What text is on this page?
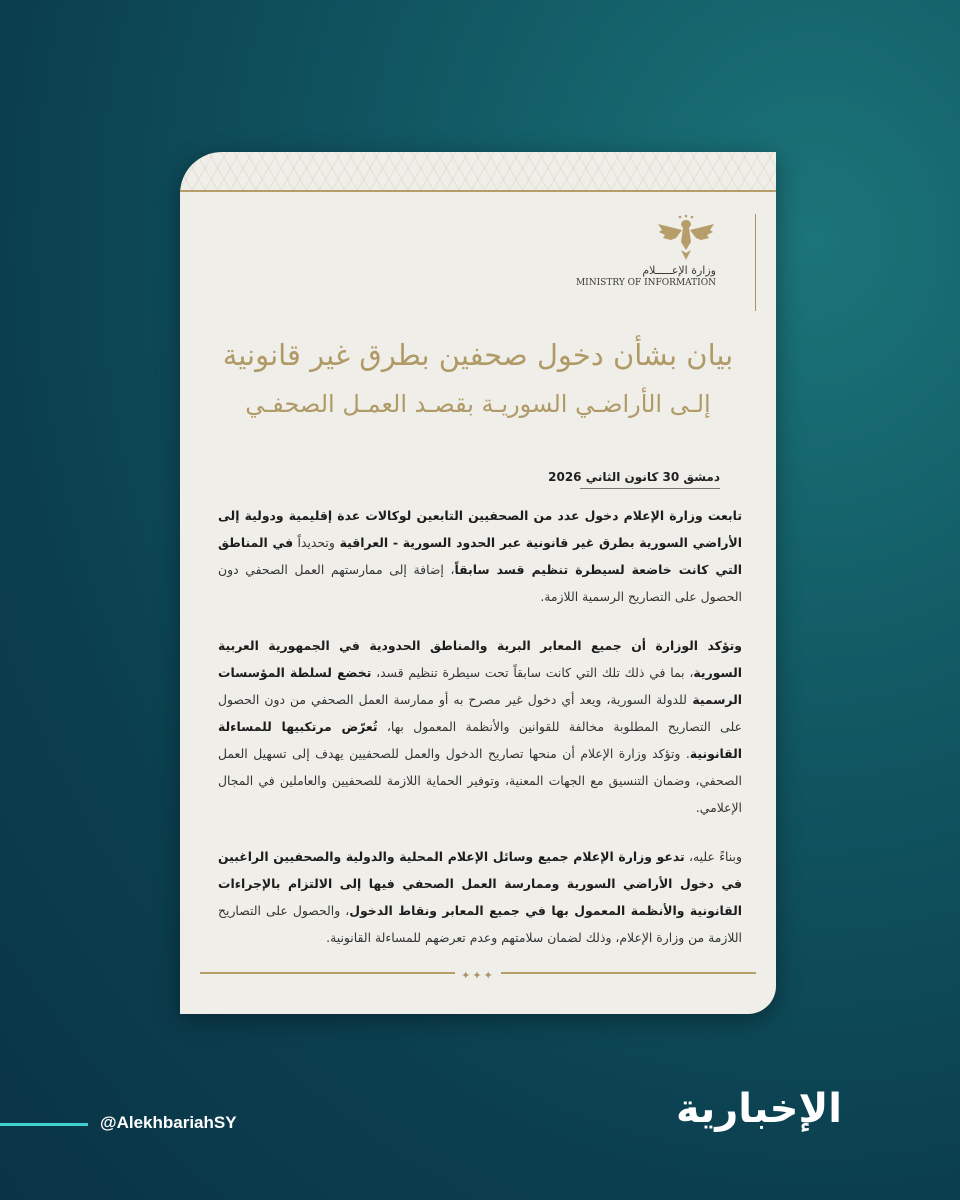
وزارة الإعـــــلام
MINISTRY OF INFORMATION
بيان بشأن دخول صحفين بطرق غير قانونية
إلـى الأراضـي السوريـة بقصـد العمـل الصحفـي
دمشق 30 كانون الثاني 2026

تابعت وزارة الإعلام دخول عدد من الصحفيين التابعين لوكالات عدة إقليمية ودولية إلى الأراضي السورية بطرق غير قانونية عبر الحدود السورية - العراقية وتحديداً في المناطق التي كانت خاضعة لسيطرة تنظيم قسد سابقاً، إضافة إلى ممارستهم العمل الصحفي دون الحصول على التصاريح الرسمية اللازمة.

وتؤكد الوزارة أن جميع المعابر البرية والمناطق الحدودية في الجمهورية العربية السورية، بما في ذلك تلك التي كانت سابقاً تحت سيطرة تنظيم قسد، تخضع لسلطة المؤسسات الرسمية للدولة السورية، ويعد أي دخول غير مصرح به أو ممارسة العمل الصحفي من دون الحصول على التصاريح المطلوبة مخالفة للقوانين والأنظمة المعمول بها، تُعرّض مرتكبيها للمساءلة القانونية. وتؤكد وزارة الإعلام أن منحها تصاريح الدخول والعمل للصحفيين يهدف إلى تسهيل العمل الصحفي، وضمان التنسيق مع الجهات المعنية، وتوفير الحماية اللازمة للصحفيين والعاملين في المجال الإعلامي.

وبناءً عليه، تدعو وزارة الإعلام جميع وسائل الإعلام المحلية والدولية والصحفيين الراغبين في دخول الأراضي السورية وممارسة العمل الصحفي فيها إلى الالتزام بالإجراءات القانونية والأنظمة المعمول بها في جميع المعابر ونقاط الدخول، والحصول على التصاريح اللازمة من وزارة الإعلام، وذلك لضمان سلامتهم وعدم تعرضهم للمساءلة القانونية.

✦✦✦
@AlekhbariahSY	الإخبارية
